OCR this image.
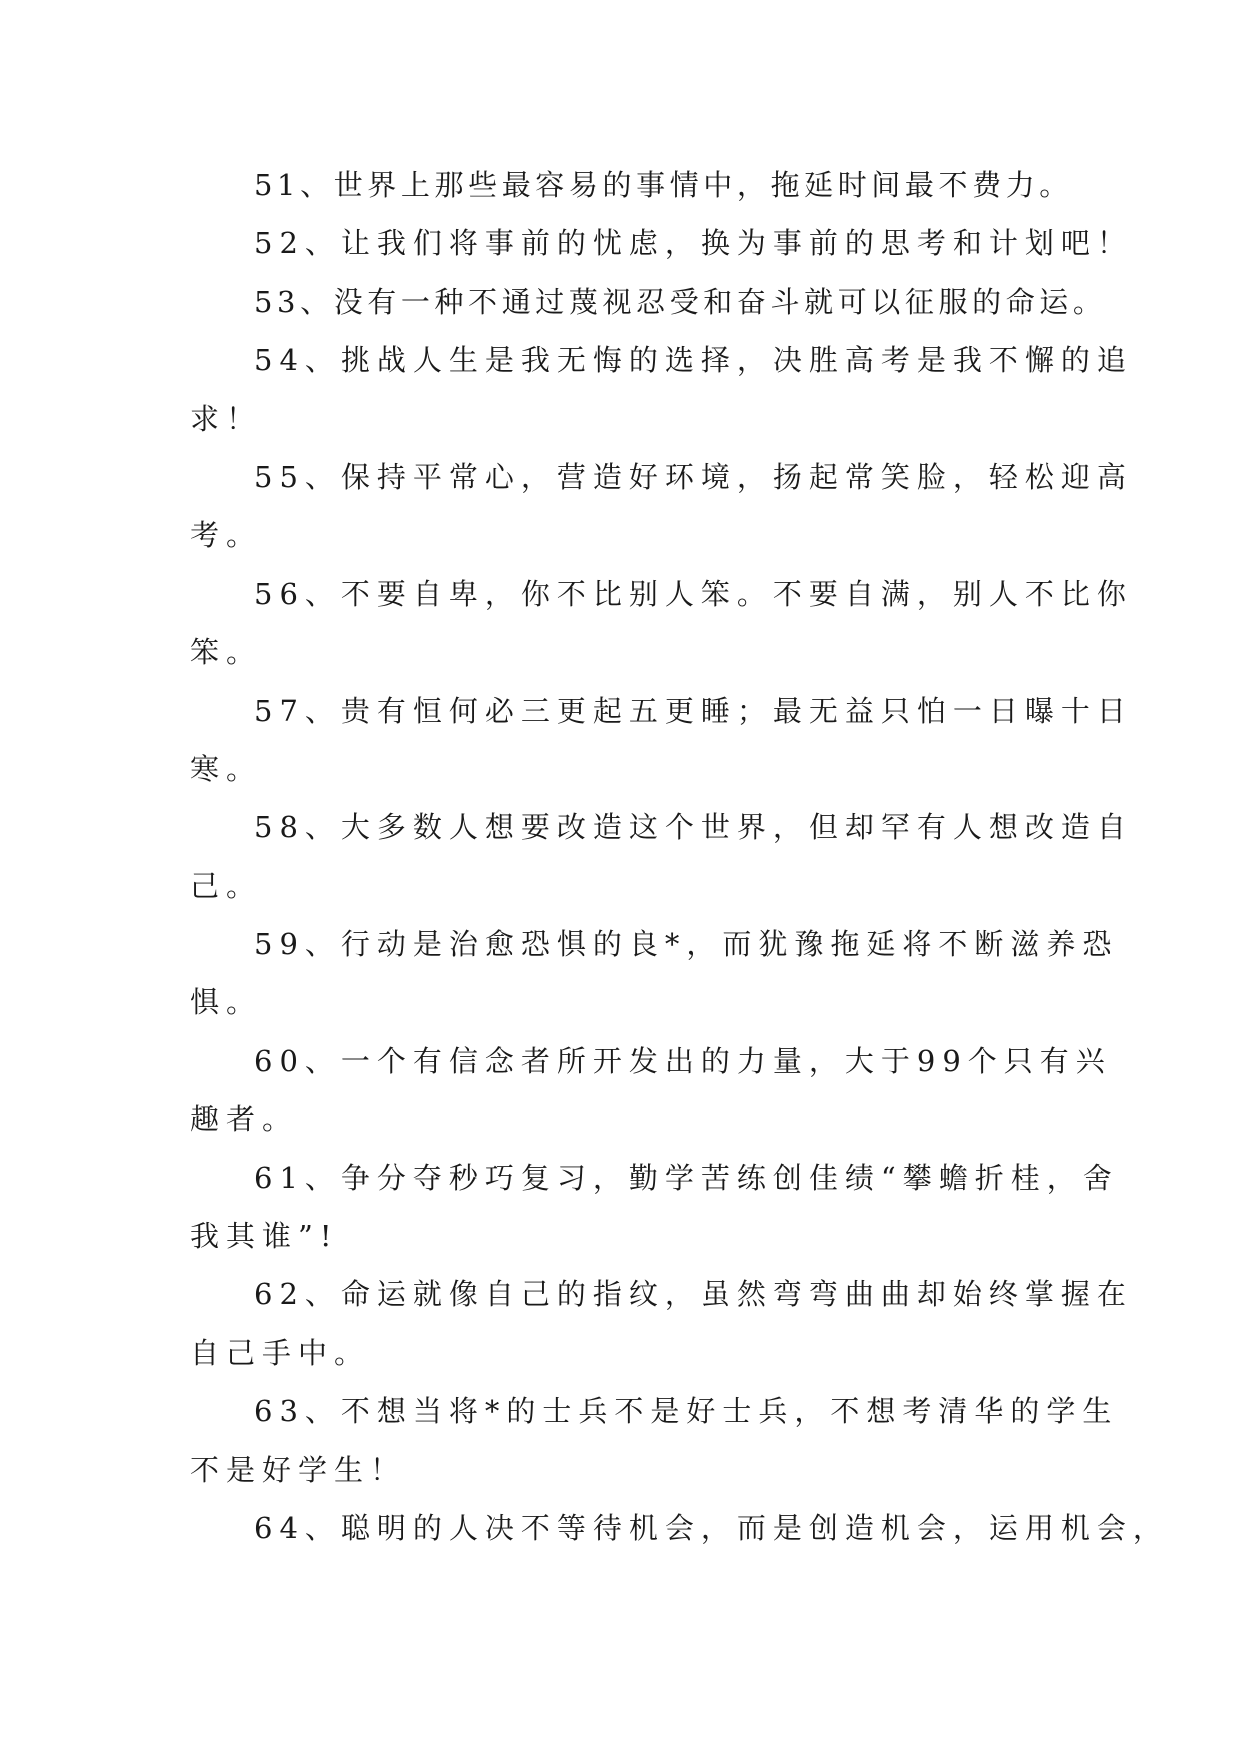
51、世界上那些最容易的事情中，拖延时间最不费力。
52、让我们将事前的忧虑，换为事前的思考和计划吧！
53、没有一种不通过蔑视忍受和奋斗就可以征服的命运。
54、挑战人生是我无悔的选择，决胜高考是我不懈的追
求！
55、保持平常心，营造好环境，扬起常笑脸，轻松迎高
考。
56、不要自卑，你不比别人笨。不要自满，别人不比你
笨。
57、贵有恒何必三更起五更睡；最无益只怕一日曝十日
寒。
58、大多数人想要改造这个世界，但却罕有人想改造自
己。
59、行动是治愈恐惧的良*，而犹豫拖延将不断滋养恐
惧。
60、一个有信念者所开发出的力量，大于99个只有兴
趣者。
61、争分夺秒巧复习，勤学苦练创佳绩“攀蟾折桂，舍
我其谁”!
62、命运就像自己的指纹，虽然弯弯曲曲却始终掌握在
自己手中。
63、不想当将*的士兵不是好士兵，不想考清华的学生
不是好学生！
64、聪明的人决不等待机会，而是创造机会，运用机会，
